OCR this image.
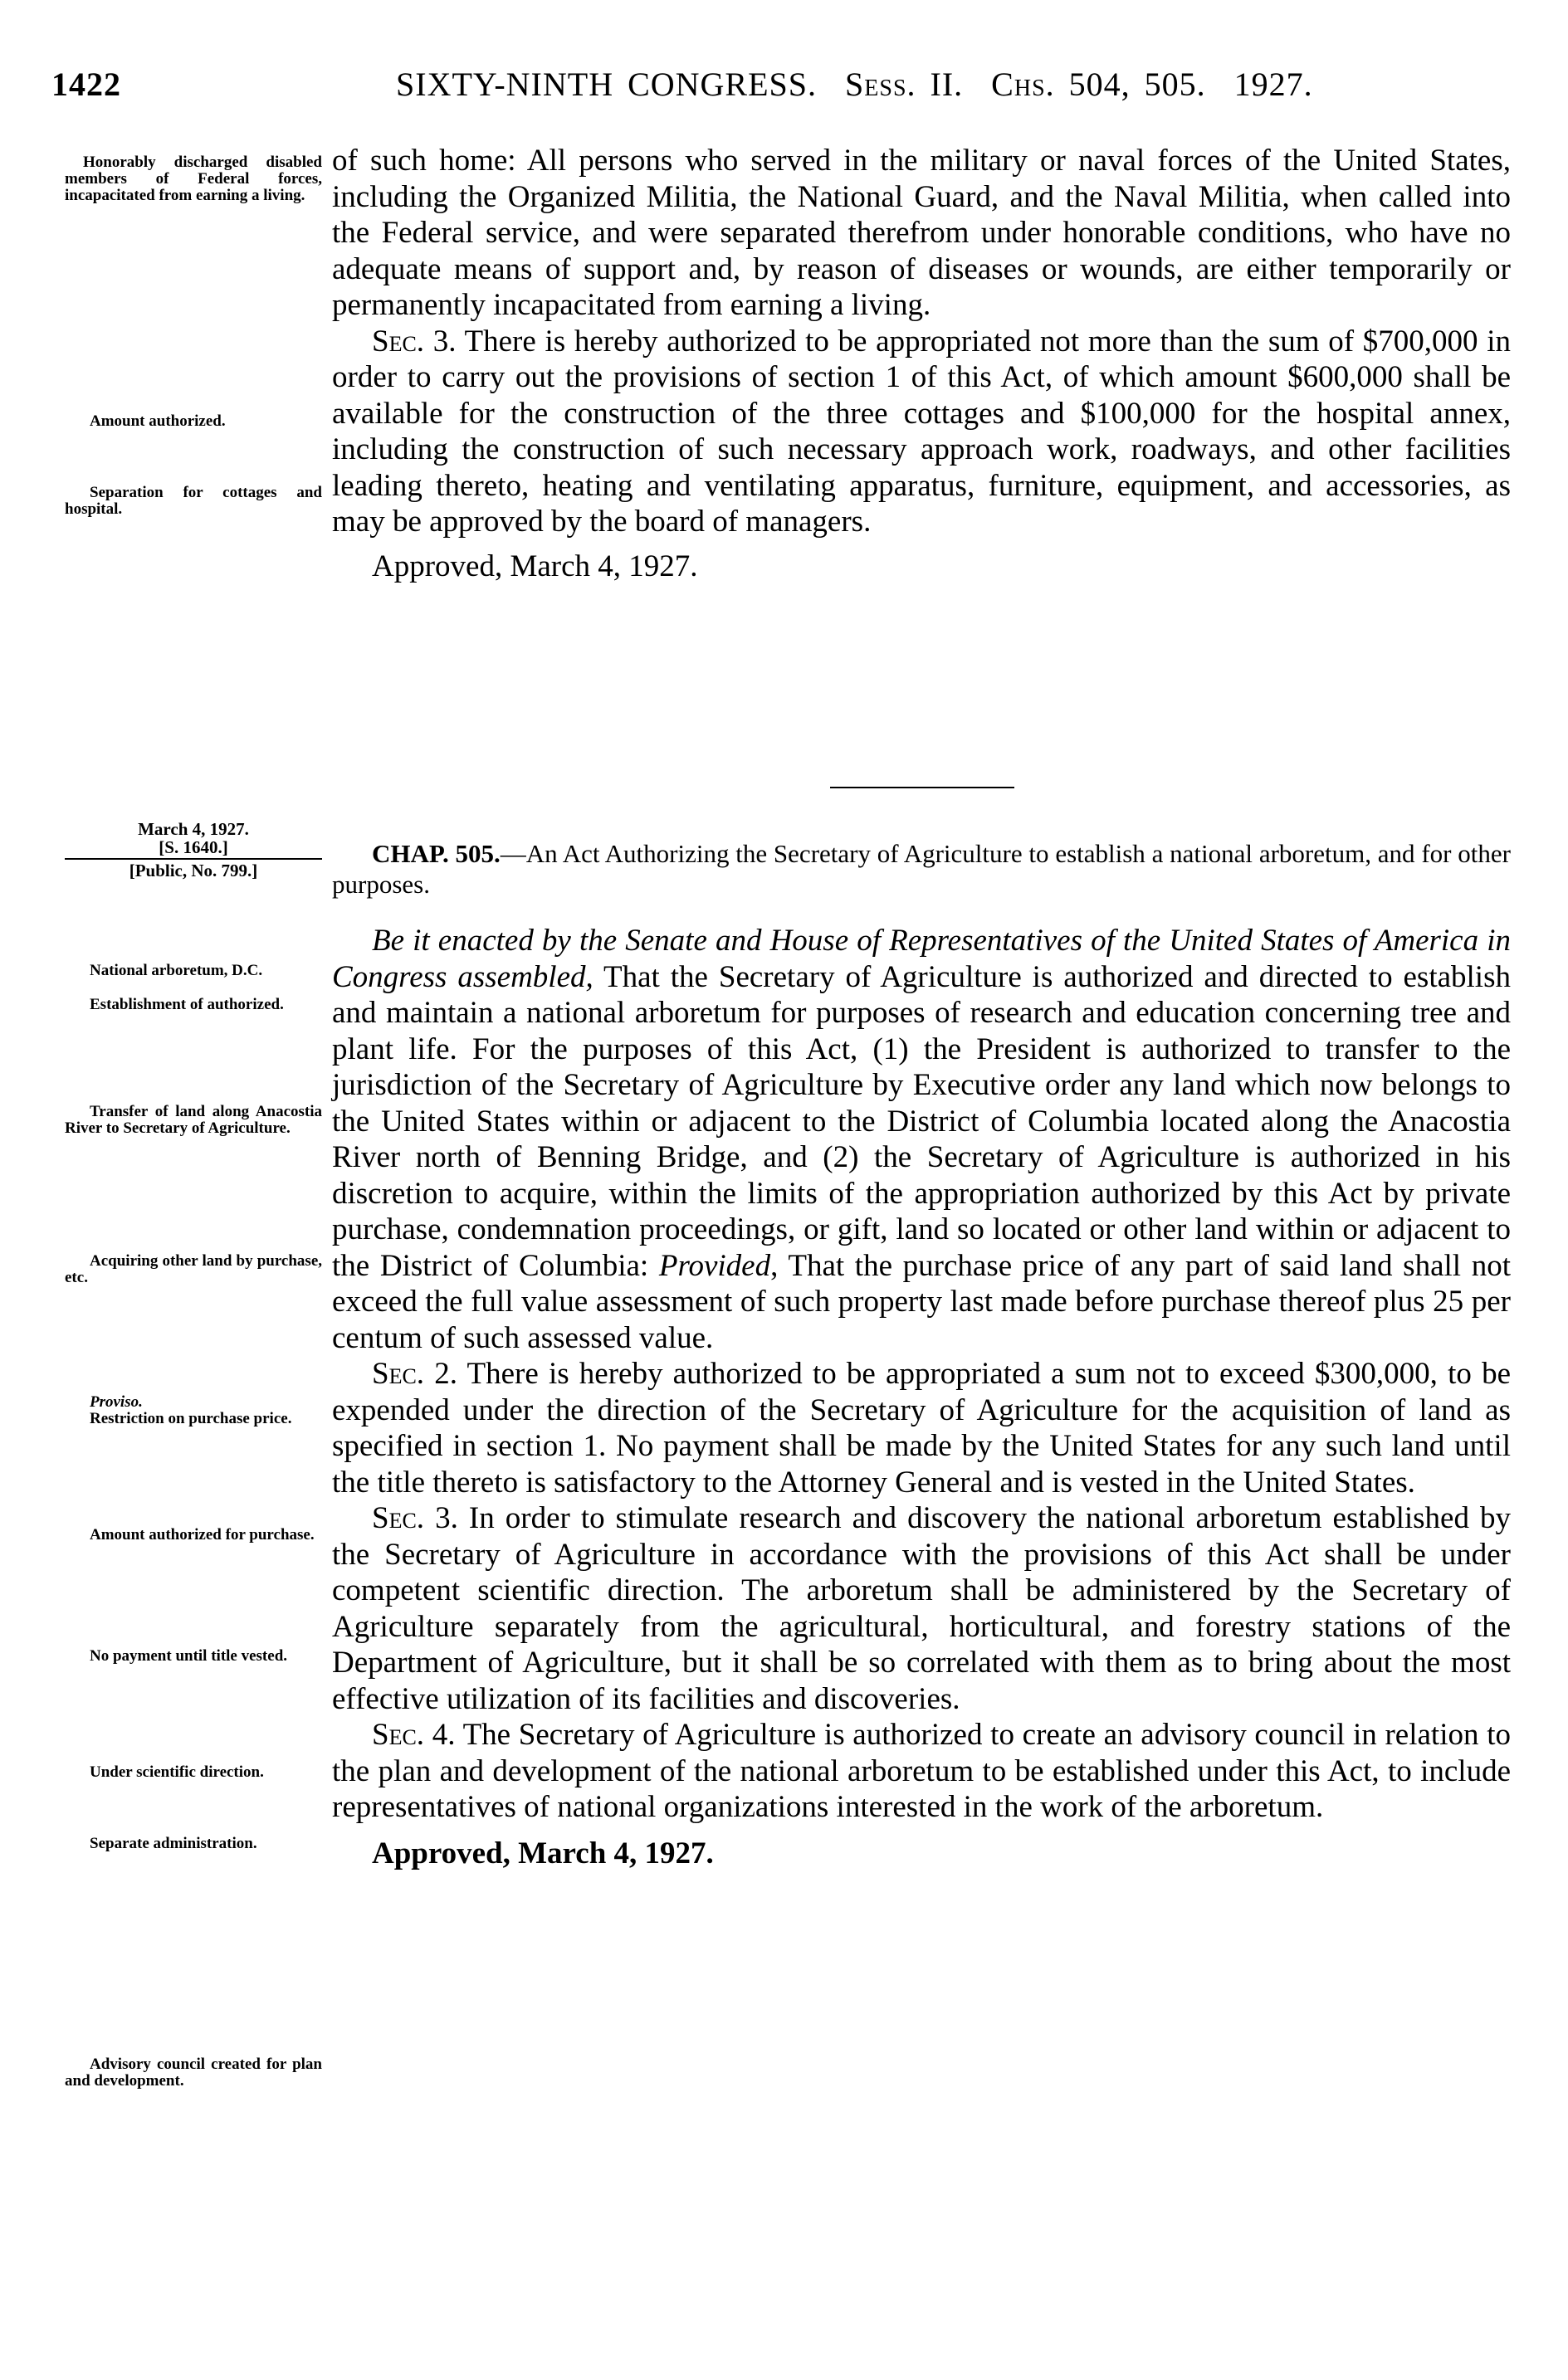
1422	SIXTY-NINTH CONGRESS. Sess. II. Chs. 504, 505. 1927.
Honorably discharged disabled members of Federal forces, incapacitated from earning a living.
Amount authorized.
Separation for cottages and hospital.
National arboretum, D.C.
Establishment of authorized.
Transfer of land along Anacostia River to Secretary of Agriculture.
Acquiring other land by purchase, etc.
Proviso.
Restriction on purchase price.
Amount authorized for purchase.
No payment until title vested.
Under scientific direction.
Separate administration.
Advisory council created for plan and development.

of such home: All persons who served in the military or naval forces of the United States, including the Organized Militia, the National Guard, and the Naval Militia, when called into the Federal service, and were separated therefrom under honorable conditions, who have no adequate means of support and, by reason of diseases or wounds, are either temporarily or permanently incapacitated from earning a living.

Sec. 3. There is hereby authorized to be appropriated not more than the sum of $700,000 in order to carry out the provisions of section 1 of this Act, of which amount $600,000 shall be available for the construction of the three cottages and $100,000 for the hospital annex, including the construction of such necessary approach work, roadways, and other facilities leading thereto, heating and ventilating apparatus, furniture, equipment, and accessories, as may be approved by the board of managers.

Approved, March 4, 1927.

March 4, 1927.
[S. 1640.]
[Public, No. 799.]
CHAP. 505.—An Act Authorizing the Secretary of Agriculture to establish a national arboretum, and for other purposes.

Be it enacted by the Senate and House of Representatives of the United States of America in Congress assembled, That the Secretary of Agriculture is authorized and directed to establish and maintain a national arboretum for purposes of research and education concerning tree and plant life. For the purposes of this Act, (1) the President is authorized to transfer to the jurisdiction of the Secretary of Agriculture by Executive order any land which now belongs to the United States within or adjacent to the District of Columbia located along the Anacostia River north of Benning Bridge, and (2) the Secretary of Agriculture is authorized in his discretion to acquire, within the limits of the appropriation authorized by this Act by private purchase, condemnation proceedings, or gift, land so located or other land within or adjacent to the District of Columbia: Provided, That the purchase price of any part of said land shall not exceed the full value assessment of such property last made before purchase thereof plus 25 per centum of such assessed value.

Sec. 2. There is hereby authorized to be appropriated a sum not to exceed $300,000, to be expended under the direction of the Secretary of Agriculture for the acquisition of land as specified in section 1. No payment shall be made by the United States for any such land until the title thereto is satisfactory to the Attorney General and is vested in the United States.

Sec. 3. In order to stimulate research and discovery the national arboretum established by the Secretary of Agriculture in accordance with the provisions of this Act shall be under competent scientific direction. The arboretum shall be administered by the Secretary of Agriculture separately from the agricultural, horticultural, and forestry stations of the Department of Agriculture, but it shall be so correlated with them as to bring about the most effective utilization of its facilities and discoveries.

Sec. 4. The Secretary of Agriculture is authorized to create an advisory council in relation to the plan and development of the national arboretum to be established under this Act, to include representatives of national organizations interested in the work of the arboretum.

Approved, March 4, 1927.
